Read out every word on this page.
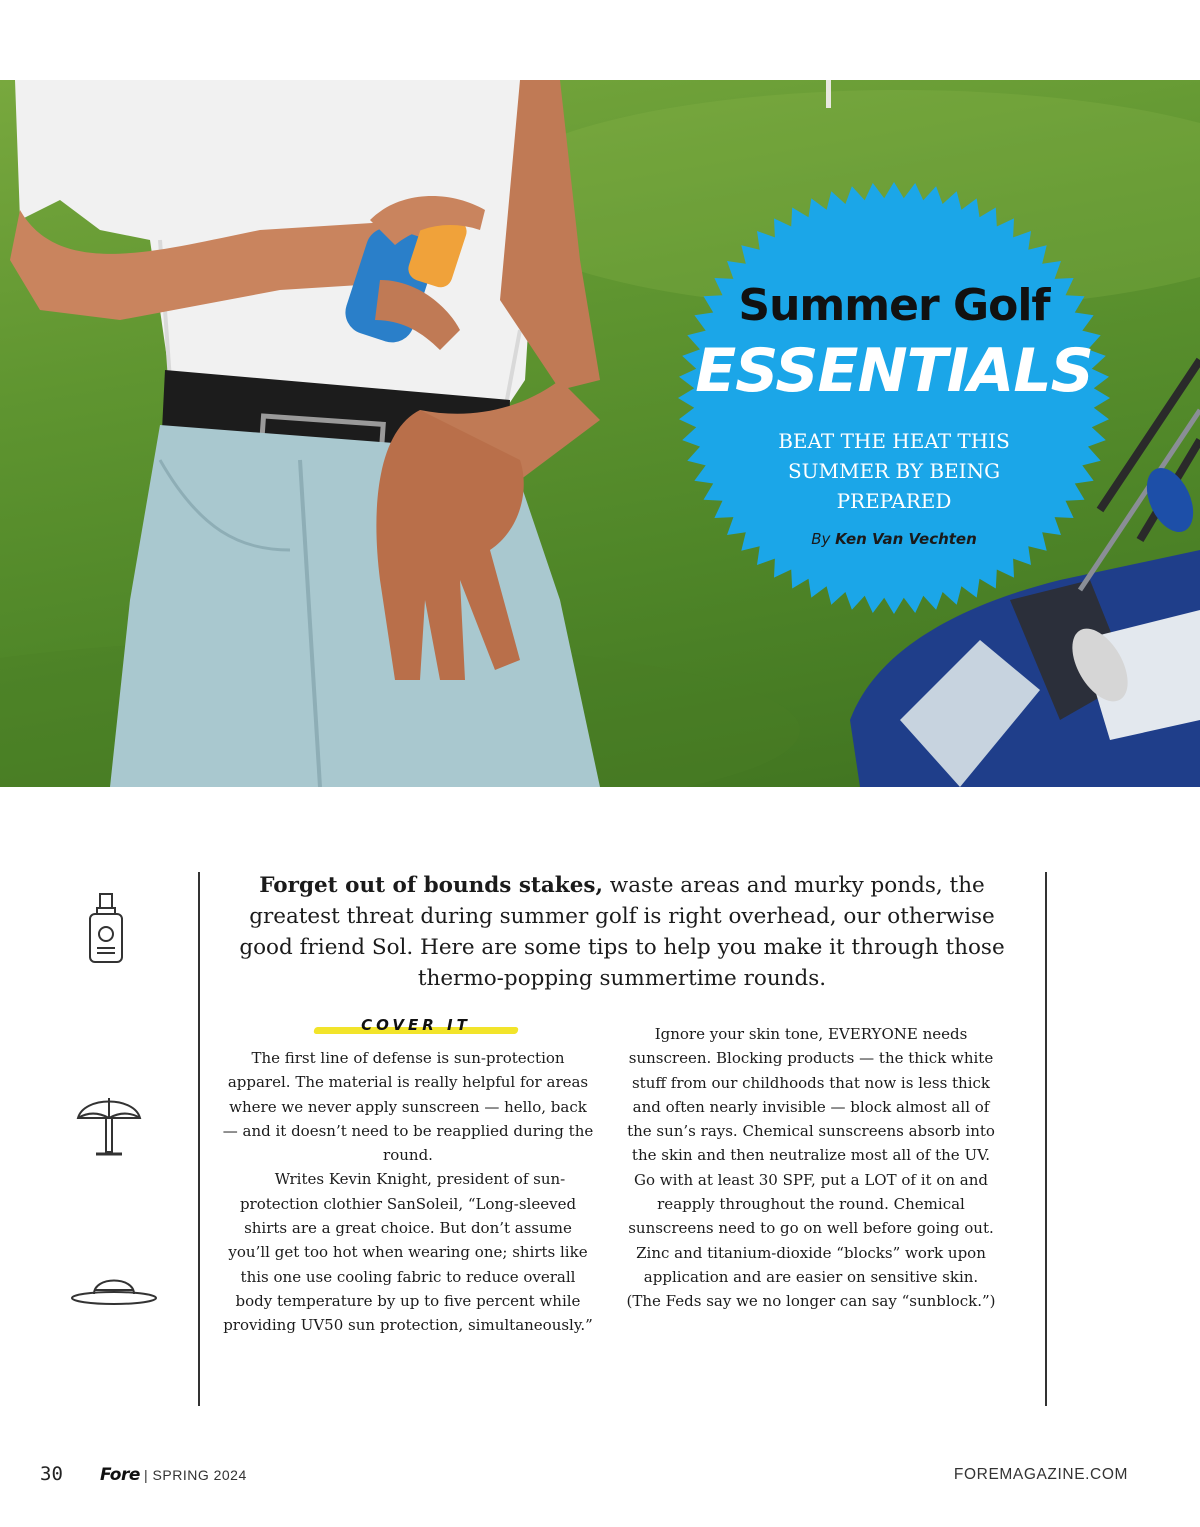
Summer Golf
ESSENTIALS
BEAT THE HEAT THIS SUMMER BY BEING PREPARED
By Ken Van Vechten
Forget out of bounds stakes, waste areas and murky ponds, the greatest threat during summer golf is right overhead, our otherwise good friend Sol. Here are some tips to help you make it through those thermo-popping summertime rounds.
COVER IT

The first line of defense is sun-protection apparel. The material is really helpful for areas where we never apply sunscreen — hello, back — and it doesn’t need to be reapplied during the round.

Writes Kevin Knight, president of sun-protection clothier SanSoleil, “Long-sleeved shirts are a great choice. But don’t assume you’ll get too hot when wearing one; shirts like this one use cooling fabric to reduce overall body temperature by up to five percent while providing UV50 sun protection, simultaneously.”

Ignore your skin tone, EVERYONE needs sunscreen. Blocking products — the thick white stuff from our childhoods that now is less thick and often nearly invisible — block almost all of the sun’s rays. Chemical sunscreens absorb into the skin and then neutralize most all of the UV. Go with at least 30 SPF, put a LOT of it on and reapply throughout the round. Chemical sunscreens need to go on well before going out. Zinc and titanium-dioxide “blocks” work upon application and are easier on sensitive skin. (The Feds say we no longer can say “sunblock.”)

30 Fore | SPRING 2024	FOREMAGAZINE.COM
